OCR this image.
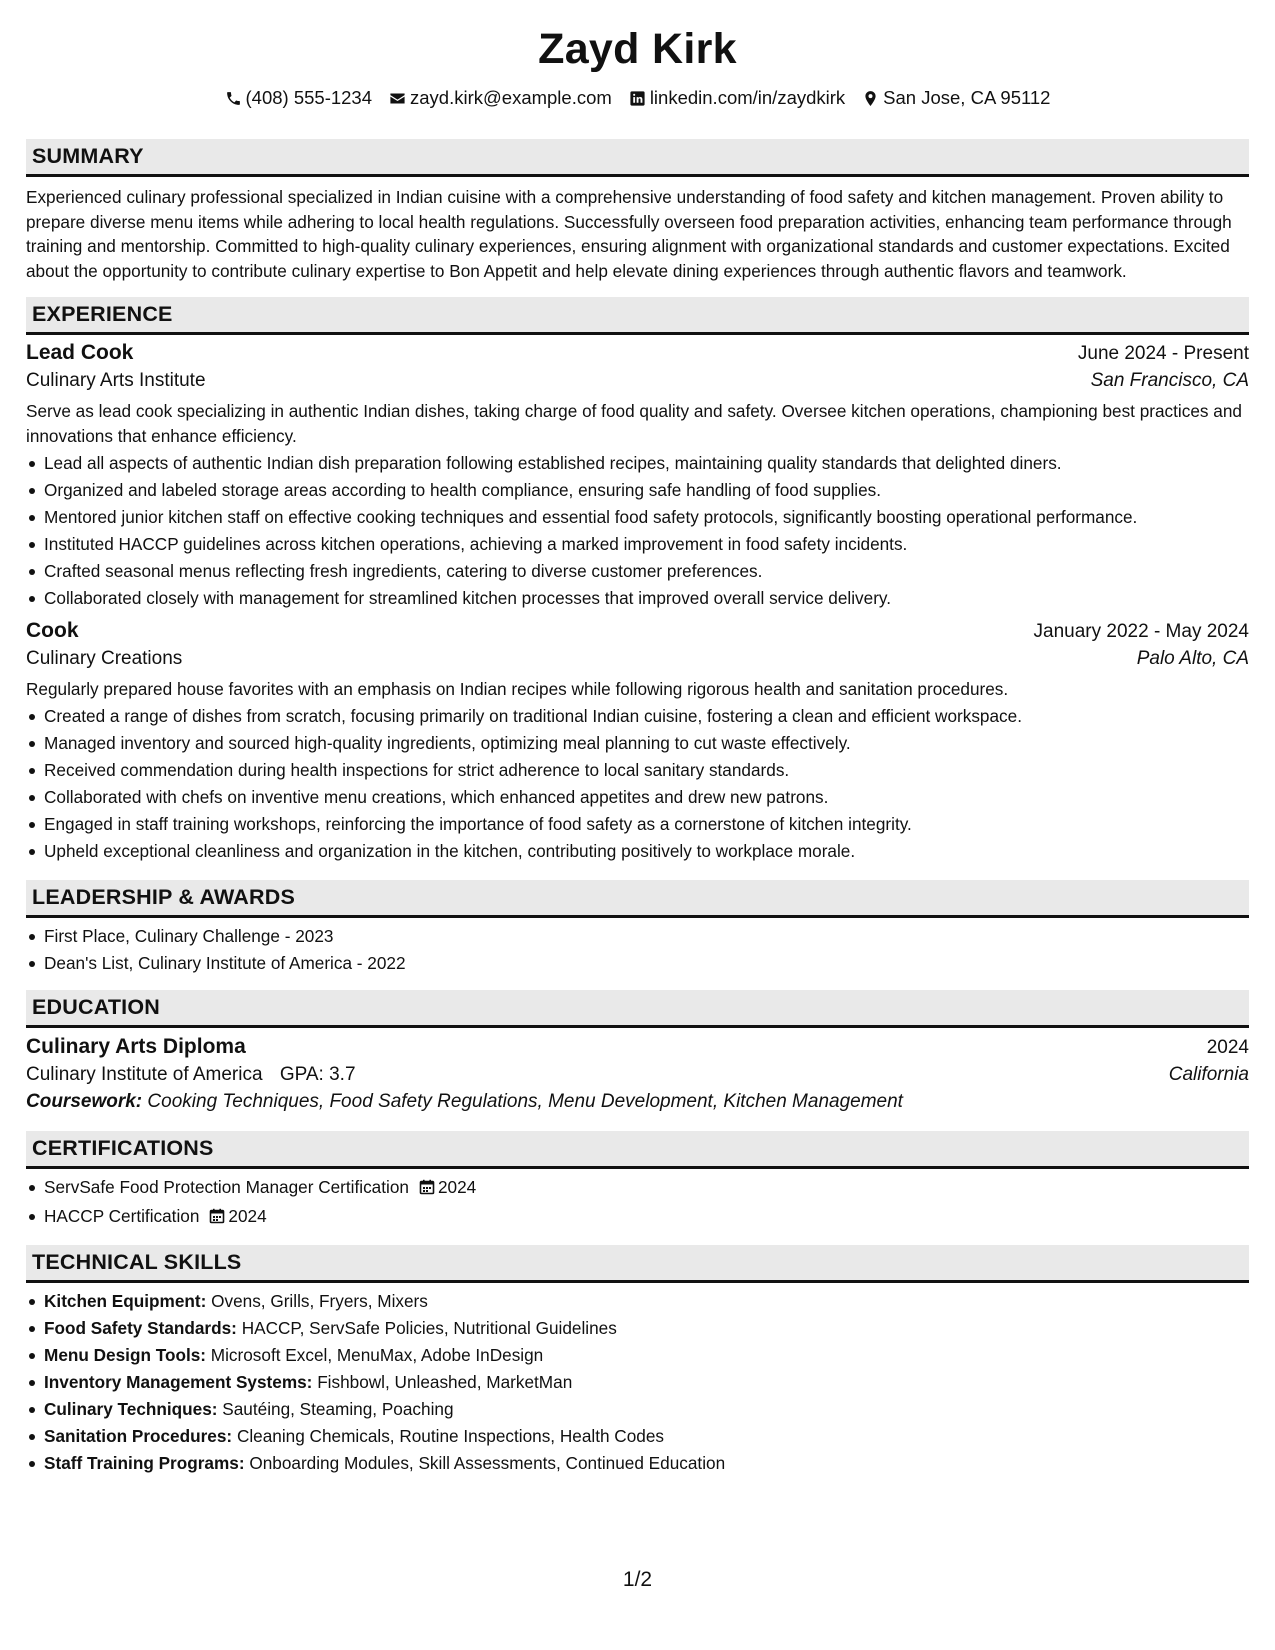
Zayd Kirk
(408) 555-1234 zayd.kirk@example.com linkedin.com/in/zaydkirk San Jose, CA 95112
SUMMARY
Experienced culinary professional specialized in Indian cuisine with a comprehensive understanding of food safety and kitchen management. Proven ability to prepare diverse menu items while adhering to local health regulations. Successfully overseen food preparation activities, enhancing team performance through training and mentorship. Committed to high-quality culinary experiences, ensuring alignment with organizational standards and customer expectations. Excited about the opportunity to contribute culinary expertise to Bon Appetit and help elevate dining experiences through authentic flavors and teamwork.
EXPERIENCE
Lead Cook	June 2024 - Present
Culinary Arts Institute	San Francisco, CA
Serve as lead cook specializing in authentic Indian dishes, taking charge of food quality and safety. Oversee kitchen operations, championing best practices and innovations that enhance efficiency.
Lead all aspects of authentic Indian dish preparation following established recipes, maintaining quality standards that delighted diners.
Organized and labeled storage areas according to health compliance, ensuring safe handling of food supplies.
Mentored junior kitchen staff on effective cooking techniques and essential food safety protocols, significantly boosting operational performance.
Instituted HACCP guidelines across kitchen operations, achieving a marked improvement in food safety incidents.
Crafted seasonal menus reflecting fresh ingredients, catering to diverse customer preferences.
Collaborated closely with management for streamlined kitchen processes that improved overall service delivery.
Cook	January 2022 - May 2024
Culinary Creations	Palo Alto, CA
Regularly prepared house favorites with an emphasis on Indian recipes while following rigorous health and sanitation procedures.
Created a range of dishes from scratch, focusing primarily on traditional Indian cuisine, fostering a clean and efficient workspace.
Managed inventory and sourced high-quality ingredients, optimizing meal planning to cut waste effectively.
Received commendation during health inspections for strict adherence to local sanitary standards.
Collaborated with chefs on inventive menu creations, which enhanced appetites and drew new patrons.
Engaged in staff training workshops, reinforcing the importance of food safety as a cornerstone of kitchen integrity.
Upheld exceptional cleanliness and organization in the kitchen, contributing positively to workplace morale.
LEADERSHIP & AWARDS
First Place, Culinary Challenge - 2023
Dean's List, Culinary Institute of America - 2022
EDUCATION
Culinary Arts Diploma	2024
Culinary Institute of America GPA: 3.7	California
Coursework: Cooking Techniques, Food Safety Regulations, Menu Development, Kitchen Management
CERTIFICATIONS
ServSafe Food Protection Manager Certification 2024
HACCP Certification 2024
TECHNICAL SKILLS
Kitchen Equipment: Ovens, Grills, Fryers, Mixers
Food Safety Standards: HACCP, ServSafe Policies, Nutritional Guidelines
Menu Design Tools: Microsoft Excel, MenuMax, Adobe InDesign
Inventory Management Systems: Fishbowl, Unleashed, MarketMan
Culinary Techniques: Sautéing, Steaming, Poaching
Sanitation Procedures: Cleaning Chemicals, Routine Inspections, Health Codes
Staff Training Programs: Onboarding Modules, Skill Assessments, Continued Education
1/2
